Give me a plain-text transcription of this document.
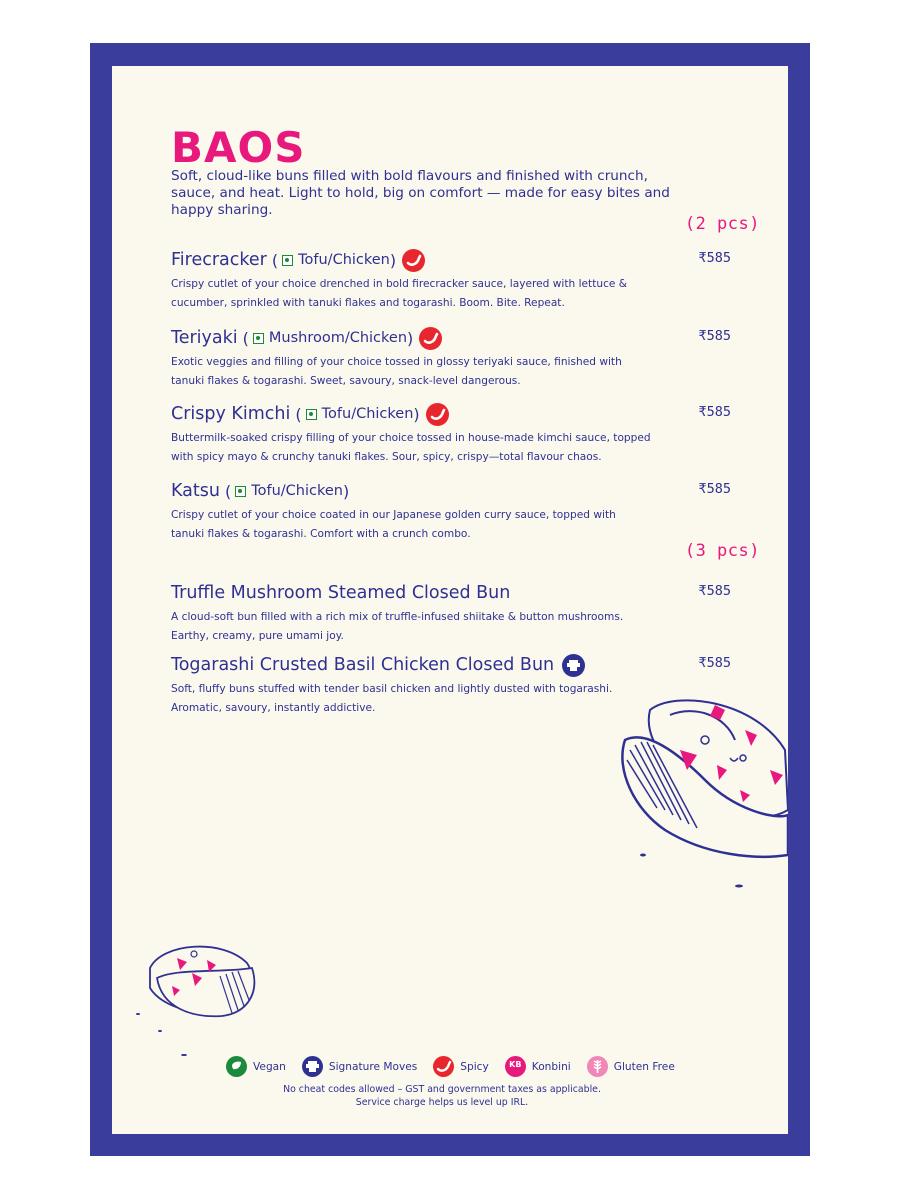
BAOS
Soft, cloud-like buns filled with bold flavours and finished with crunch, sauce, and heat. Light to hold, big on comfort — made for easy bites and happy sharing.
(2 pcs)
Firecracker ( Tofu/Chicken )
Crispy cutlet of your choice drenched in bold firecracker sauce, layered with lettuce & cucumber, sprinkled with tanuki flakes and togarashi. Boom. Bite. Repeat.
₹585
Teriyaki ( Mushroom/Chicken )
Exotic veggies and filling of your choice tossed in glossy teriyaki sauce, finished with tanuki flakes & togarashi. Sweet, savoury, snack-level dangerous.
₹585
Crispy Kimchi ( Tofu/Chicken )
Buttermilk-soaked crispy filling of your choice tossed in house-made kimchi sauce, topped with spicy mayo & crunchy tanuki flakes. Sour, spicy, crispy—total flavour chaos.
₹585
Katsu ( Tofu/Chicken )
Crispy cutlet of your choice coated in our Japanese golden curry sauce, topped with tanuki flakes & togarashi. Comfort with a crunch combo.
₹585
(3 pcs)
Truffle Mushroom Steamed Closed Bun
A cloud-soft bun filled with a rich mix of truffle-infused shiitake & button mushrooms. Earthy, creamy, pure umami joy.
₹585
Togarashi Crusted Basil Chicken Closed Bun
Soft, fluffy buns stuffed with tender basil chicken and lightly dusted with togarashi. Aromatic, savoury, instantly addictive.
₹585
Vegan	Signature Moves	Spicy	KB Konbini	Gluten Free
No cheat codes allowed – GST and government taxes as applicable.
Service charge helps us level up IRL.
